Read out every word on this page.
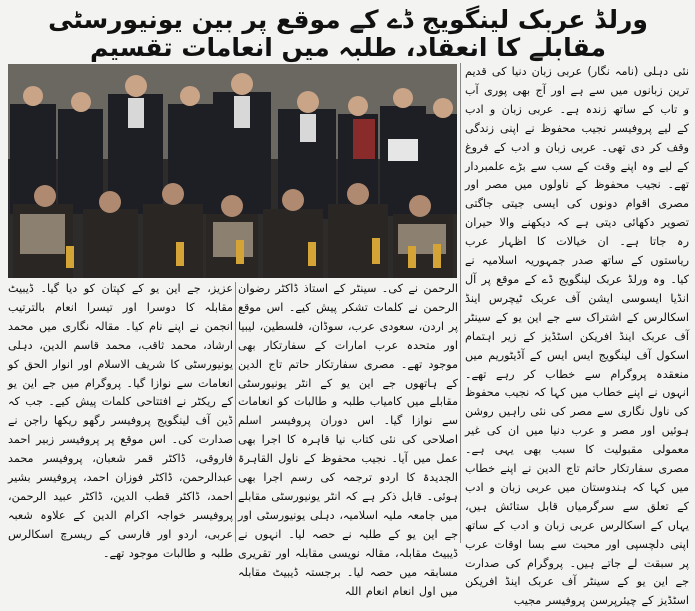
ورلڈ عربک لینگویج ڈے کے موقع پر بین یونیورسٹی مقابلے کا انعقاد، طلبہ میں انعامات تقسیم

نئی دہلی (نامہ نگار) عربی زبان دنیا کی قدیم ترین زبانوں میں سے ہے اور آج بھی پوری آب و تاب کے ساتھ زندہ ہے۔ عربی زبان و ادب کے لیے پروفیسر نجیب محفوظ نے اپنی زندگی وقف کر دی تھی۔ عربی زبان و ادب کے فروغ کے لیے وہ اپنے وقت کے سب سے بڑے علمبردار تھے۔ نجیب محفوظ کے ناولوں میں مصر اور مصری اقوام دونوں کی ایسی جیتی جاگتی تصویر دکھائی دیتی ہے کہ دیکھنے والا حیران رہ جاتا ہے۔ ان خیالات کا اظہار عرب ریاستوں کے ساتھ صدر جمہوریہ اسلامیہ نے کیا۔ وہ ورلڈ عربک لینگویج ڈے کے موقع پر آل انڈیا ایسوسی ایشن آف عربک ٹیچرس اینڈ اسکالرس کے اشتراک سے جے این یو کے سینٹر آف عربک اینڈ افریکن اسٹڈیز کے زیر اہتمام اسکول آف لینگویج ایس ایس کے آڈیٹوریم میں منعقدہ پروگرام سے خطاب کر رہے تھے۔ انہوں نے اپنے خطاب میں کہا کہ نجیب محفوظ کی ناول نگاری سے مصر کی نئی راہیں روشن ہوئیں اور مصر و عرب دنیا میں ان کی غیر معمولی مقبولیت کا سبب بھی یہی ہے۔ مصری سفارتکار حاتم تاج الدین نے اپنے خطاب میں کہا کہ ہندوستان میں عربی زبان و ادب کے تعلق سے سرگرمیاں قابل ستائش ہیں، یہاں کے اسکالرس عربی زبان و ادب کے ساتھ اپنی دلچسپی اور محبت سے بسا اوقات عرب پر سبقت لے جاتے ہیں۔ پروگرام کی صدارت جے این یو کے سینٹر آف عربک اینڈ افریکن اسٹڈیز کے چیئرپرسن پروفیسر مجیب

الرحمن نے کی۔ سینٹر کے استاذ ڈاکٹر رضوان الرحمن نے کلمات تشکر پیش کیے۔ اس موقع پر اردن، سعودی عرب، سوڈان، فلسطین، لیبیا اور متحدہ عرب امارات کے سفارتکار بھی موجود تھے۔ مصری سفارتکار حاتم تاج الدین کے ہاتھوں جے این یو کے انٹر یونیورسٹی مقابلے میں کامیاب طلبہ و طالبات کو انعامات سے نوازا گیا۔ اس دوران پروفیسر اسلم اصلاحی کی نئی کتاب نیا قاہرہ کا اجرا بھی عمل میں آیا۔ نجیب محفوظ کے ناول القاہرۃ الجدیدۃ کا اردو ترجمہ کی رسم اجرا بھی ہوئی۔ قابل ذکر ہے کہ انٹر یونیورسٹی مقابلے میں جامعہ ملیہ اسلامیہ، دہلی یونیورسٹی اور جے این یو کے طلبہ نے حصہ لیا۔ انہوں نے ڈیبیٹ مقابلہ، مقالہ نویسی مقابلہ اور تقریری مسابقہ میں حصہ لیا۔ برجستہ ڈیبیٹ مقابلہ میں اول انعام انعام اللہ

عزیز، جے این یو کے کپتان کو دیا گیا۔ ڈیبیٹ مقابلہ کا دوسرا اور تیسرا انعام بالترتیب انجمن نے اپنے نام کیا۔ مقالہ نگاری میں محمد ارشاد، محمد ثاقب، محمد قاسم الدین، دہلی یونیورسٹی کا شریف الاسلام اور انوار الحق کو انعامات سے نوازا گیا۔ پروگرام میں جے این یو کے ریکٹر نے افتتاحی کلمات پیش کیے۔ جب کہ ڈین آف لینگویج پروفیسر رگھو ریکھا راجن نے صدارت کی۔ اس موقع پر پروفیسر زبیر احمد فاروقی، ڈاکٹر قمر شعبان، پروفیسر محمد عبدالرحمن، ڈاکٹر فوزان احمد، پروفیسر بشیر احمد، ڈاکٹر قطب الدین، ڈاکٹر عبید الرحمن، پروفیسر خواجہ اکرام الدین کے علاوہ شعبہ عربی، اردو اور فارسی کے ریسرچ اسکالرس طلبہ و طالبات موجود تھے۔
